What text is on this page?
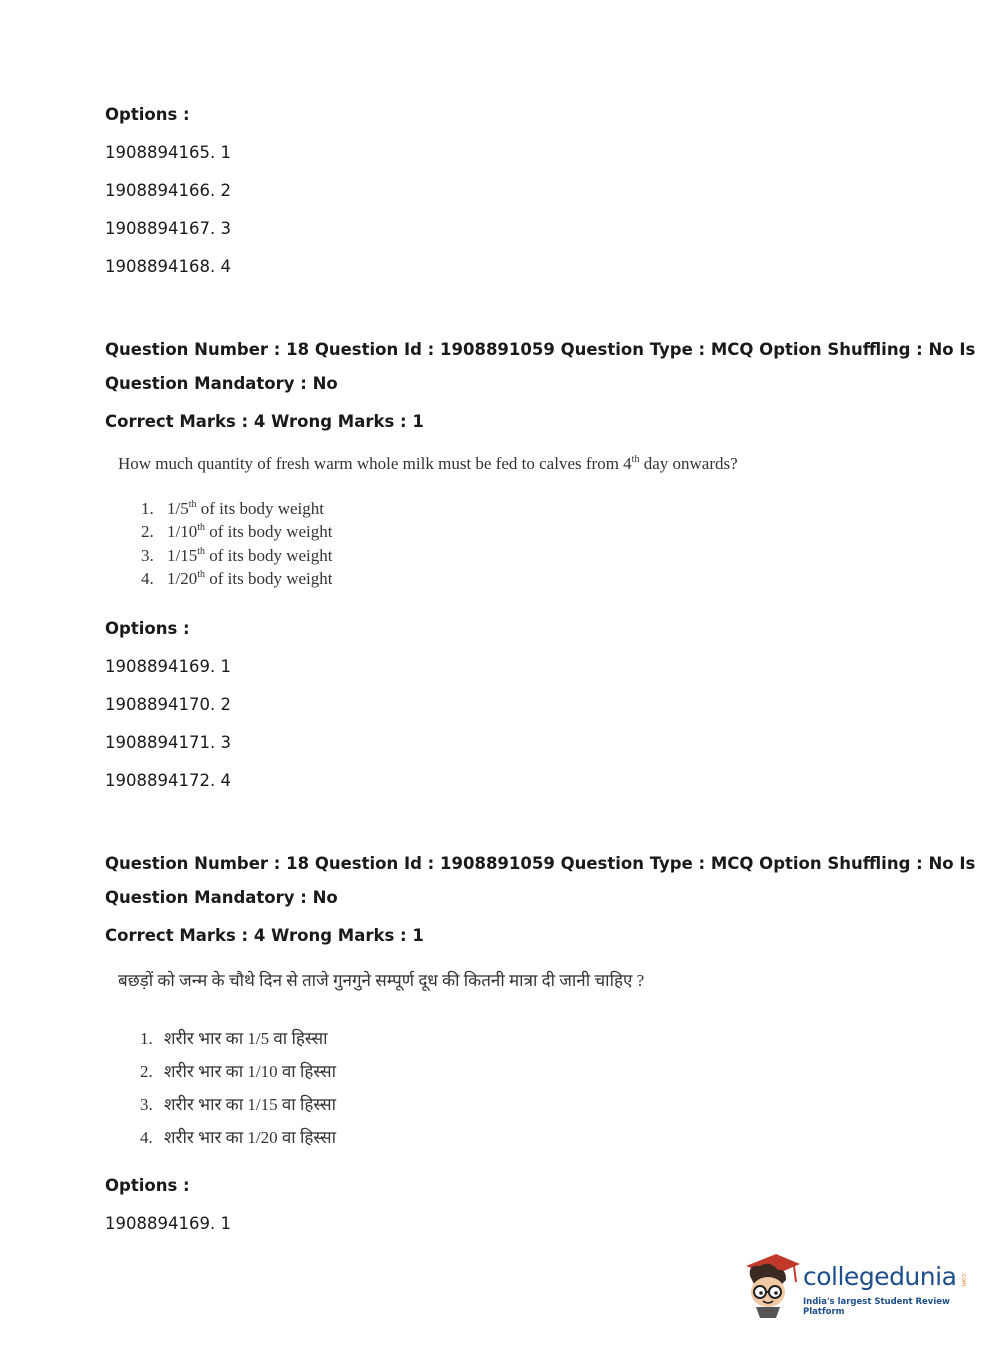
Options :
1908894165. 1
1908894166. 2
1908894167. 3
1908894168. 4
Question Number : 18 Question Id : 1908891059 Question Type : MCQ Option Shuffling : No Is
Question Mandatory : No
Correct Marks : 4 Wrong Marks : 1
How much quantity of fresh warm whole milk must be fed to calves from 4th day onwards?
1. 1/5th of its body weight
2. 1/10th of its body weight
3. 1/15th of its body weight
4. 1/20th of its body weight
Options :
1908894169. 1
1908894170. 2
1908894171. 3
1908894172. 4
Question Number : 18 Question Id : 1908891059 Question Type : MCQ Option Shuffling : No Is
Question Mandatory : No
Correct Marks : 4 Wrong Marks : 1
बछड़ों को जन्म के चौथे दिन से ताजे गुनगुने सम्पूर्ण दूध की कितनी मात्रा दी जानी चाहिए ?
1. शरीर भार का 1/5 वा हिस्सा
2. शरीर भार का 1/10 वा हिस्सा
3. शरीर भार का 1/15 वा हिस्सा
4. शरीर भार का 1/20 वा हिस्सा
Options :
1908894169. 1
collegedunia .com
India's largest Student Review Platform
